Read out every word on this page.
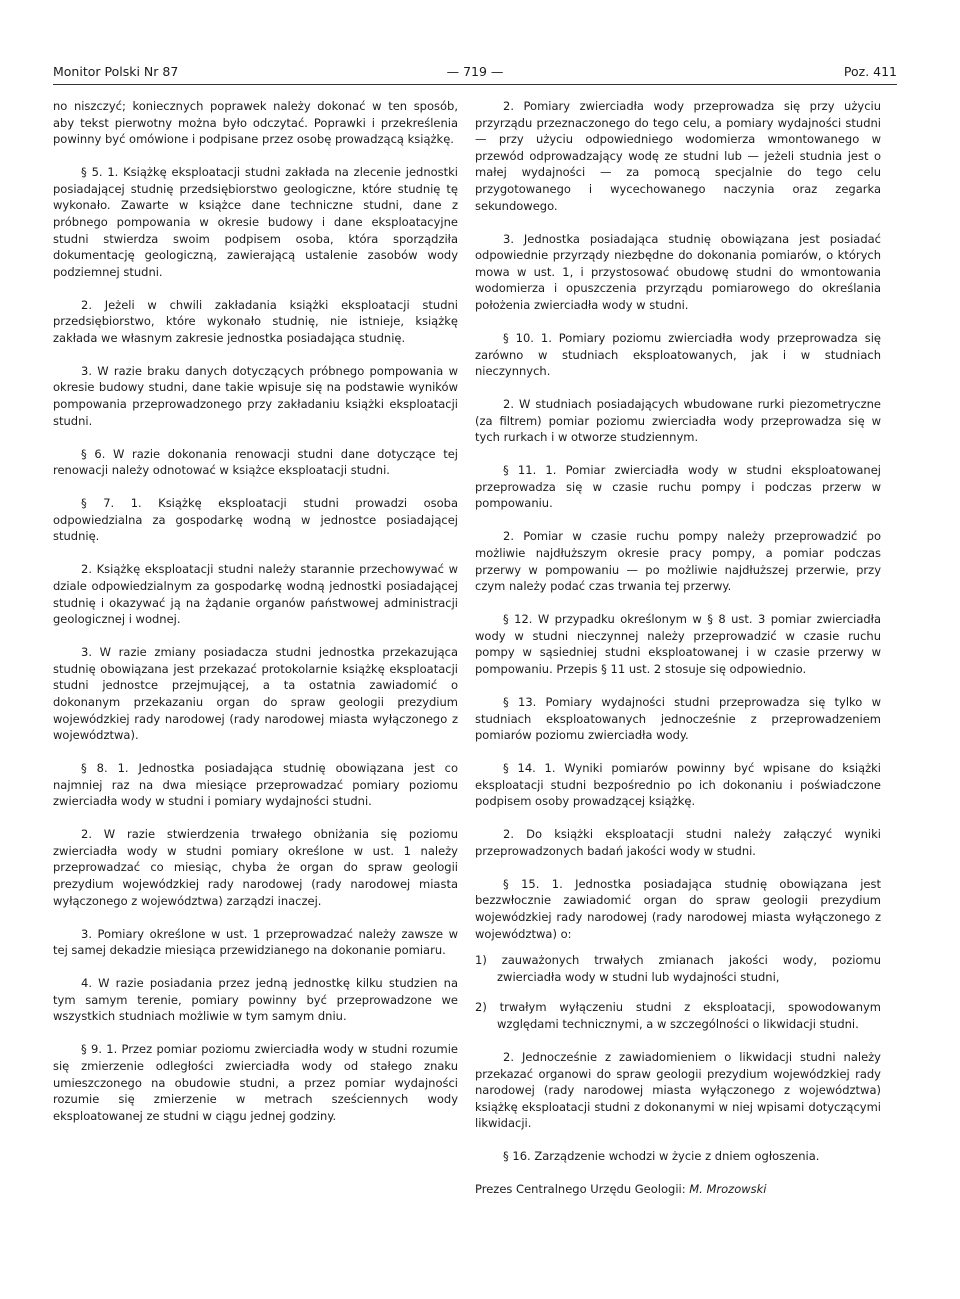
Monitor Polski Nr 87	— 719 —	Poz. 411

no niszczyć; koniecznych poprawek należy dokonać w ten sposób, aby tekst pierwotny można było odczytać. Poprawki i przekreślenia powinny być omówione i podpisane przez osobę prowadzącą książkę.

§ 5. 1. Książkę eksploatacji studni zakłada na zlecenie jednostki posiadającej studnię przedsiębiorstwo geologiczne, które studnię tę wykonało. Zawarte w książce dane techniczne studni, dane z próbnego pompowania w okresie budowy i dane eksploatacyjne studni stwierdza swoim podpisem osoba, która sporządziła dokumentację geologiczną, zawierającą ustalenie zasobów wody podziemnej studni.

2. Jeżeli w chwili zakładania książki eksploatacji studni przedsiębiorstwo, które wykonało studnię, nie istnieje, książkę zakłada we własnym zakresie jednostka posiadająca studnię.

3. W razie braku danych dotyczących próbnego pompowania w okresie budowy studni, dane takie wpisuje się na podstawie wyników pompowania przeprowadzonego przy zakładaniu książki eksploatacji studni.

§ 6. W razie dokonania renowacji studni dane dotyczące tej renowacji należy odnotować w książce eksploatacji studni.

§ 7. 1. Książkę eksploatacji studni prowadzi osoba odpowiedzialna za gospodarkę wodną w jednostce posiadającej studnię.

2. Książkę eksploatacji studni należy starannie przechowywać w dziale odpowiedzialnym za gospodarkę wodną jednostki posiadającej studnię i okazywać ją na żądanie organów państwowej administracji geologicznej i wodnej.

3. W razie zmiany posiadacza studni jednostka przekazująca studnię obowiązana jest przekazać protokolarnie książkę eksploatacji studni jednostce przejmującej, a ta ostatnia zawiadomić o dokonanym przekazaniu organ do spraw geologii prezydium wojewódzkiej rady narodowej (rady narodowej miasta wyłączonego z województwa).

§ 8. 1. Jednostka posiadająca studnię obowiązana jest co najmniej raz na dwa miesiące przeprowadzać pomiary poziomu zwierciadła wody w studni i pomiary wydajności studni.

2. W razie stwierdzenia trwałego obniżania się poziomu zwierciadła wody w studni pomiary określone w ust. 1 należy przeprowadzać co miesiąc, chyba że organ do spraw geologii prezydium wojewódzkiej rady narodowej (rady narodowej miasta wyłączonego z województwa) zarządzi inaczej.

3. Pomiary określone w ust. 1 przeprowadzać należy zawsze w tej samej dekadzie miesiąca przewidzianego na dokonanie pomiaru.

4. W razie posiadania przez jedną jednostkę kilku studzien na tym samym terenie, pomiary powinny być przeprowadzone we wszystkich studniach możliwie w tym samym dniu.

§ 9. 1. Przez pomiar poziomu zwierciadła wody w studni rozumie się zmierzenie odległości zwierciadła wody od stałego znaku umieszczonego na obudowie studni, a przez pomiar wydajności rozumie się zmierzenie w metrach sześciennych wody eksploatowanej ze studni w ciągu jednej godziny.

2. Pomiary zwierciadła wody przeprowadza się przy użyciu przyrządu przeznaczonego do tego celu, a pomiary wydajności studni — przy użyciu odpowiedniego wodomierza wmontowanego w przewód odprowadzający wodę ze studni lub — jeżeli studnia jest o małej wydajności — za pomocą specjalnie do tego celu przygotowanego i wycechowanego naczynia oraz zegarka sekundowego.

3. Jednostka posiadająca studnię obowiązana jest posiadać odpowiednie przyrządy niezbędne do dokonania pomiarów, o których mowa w ust. 1, i przystosować obudowę studni do wmontowania wodomierza i opuszczenia przyrządu pomiarowego do określania położenia zwierciadła wody w studni.

§ 10. 1. Pomiary poziomu zwierciadła wody przeprowadza się zarówno w studniach eksploatowanych, jak i w studniach nieczynnych.

2. W studniach posiadających wbudowane rurki piezometryczne (za filtrem) pomiar poziomu zwierciadła wody przeprowadza się w tych rurkach i w otworze studziennym.

§ 11. 1. Pomiar zwierciadła wody w studni eksploatowanej przeprowadza się w czasie ruchu pompy i podczas przerw w pompowaniu.

2. Pomiar w czasie ruchu pompy należy przeprowadzić po możliwie najdłuższym okresie pracy pompy, a pomiar podczas przerwy w pompowaniu — po możliwie najdłuższej przerwie, przy czym należy podać czas trwania tej przerwy.

§ 12. W przypadku określonym w § 8 ust. 3 pomiar zwierciadła wody w studni nieczynnej należy przeprowadzić w czasie ruchu pompy w sąsiedniej studni eksploatowanej i w czasie przerwy w pompowaniu. Przepis § 11 ust. 2 stosuje się odpowiednio.

§ 13. Pomiary wydajności studni przeprowadza się tylko w studniach eksploatowanych jednocześnie z przeprowadzeniem pomiarów poziomu zwierciadła wody.

§ 14. 1. Wyniki pomiarów powinny być wpisane do książki eksploatacji studni bezpośrednio po ich dokonaniu i poświadczone podpisem osoby prowadzącej książkę.

2. Do książki eksploatacji studni należy załączyć wyniki przeprowadzonych badań jakości wody w studni.

§ 15. 1. Jednostka posiadająca studnię obowiązana jest bezzwłocznie zawiadomić organ do spraw geologii prezydium wojewódzkiej rady narodowej (rady narodowej miasta wyłączonego z województwa) o:

1) zauważonych trwałych zmianach jakości wody, poziomu zwierciadła wody w studni lub wydajności studni,

2) trwałym wyłączeniu studni z eksploatacji, spowodowanym względami technicznymi, a w szczególności o likwidacji studni.

2. Jednocześnie z zawiadomieniem o likwidacji studni należy przekazać organowi do spraw geologii prezydium wojewódzkiej rady narodowej (rady narodowej miasta wyłączonego z województwa) książkę eksploatacji studni z dokonanymi w niej wpisami dotyczącymi likwidacji.

§ 16. Zarządzenie wchodzi w życie z dniem ogłoszenia.

Prezes Centralnego Urzędu Geologii: M. Mrozowski
